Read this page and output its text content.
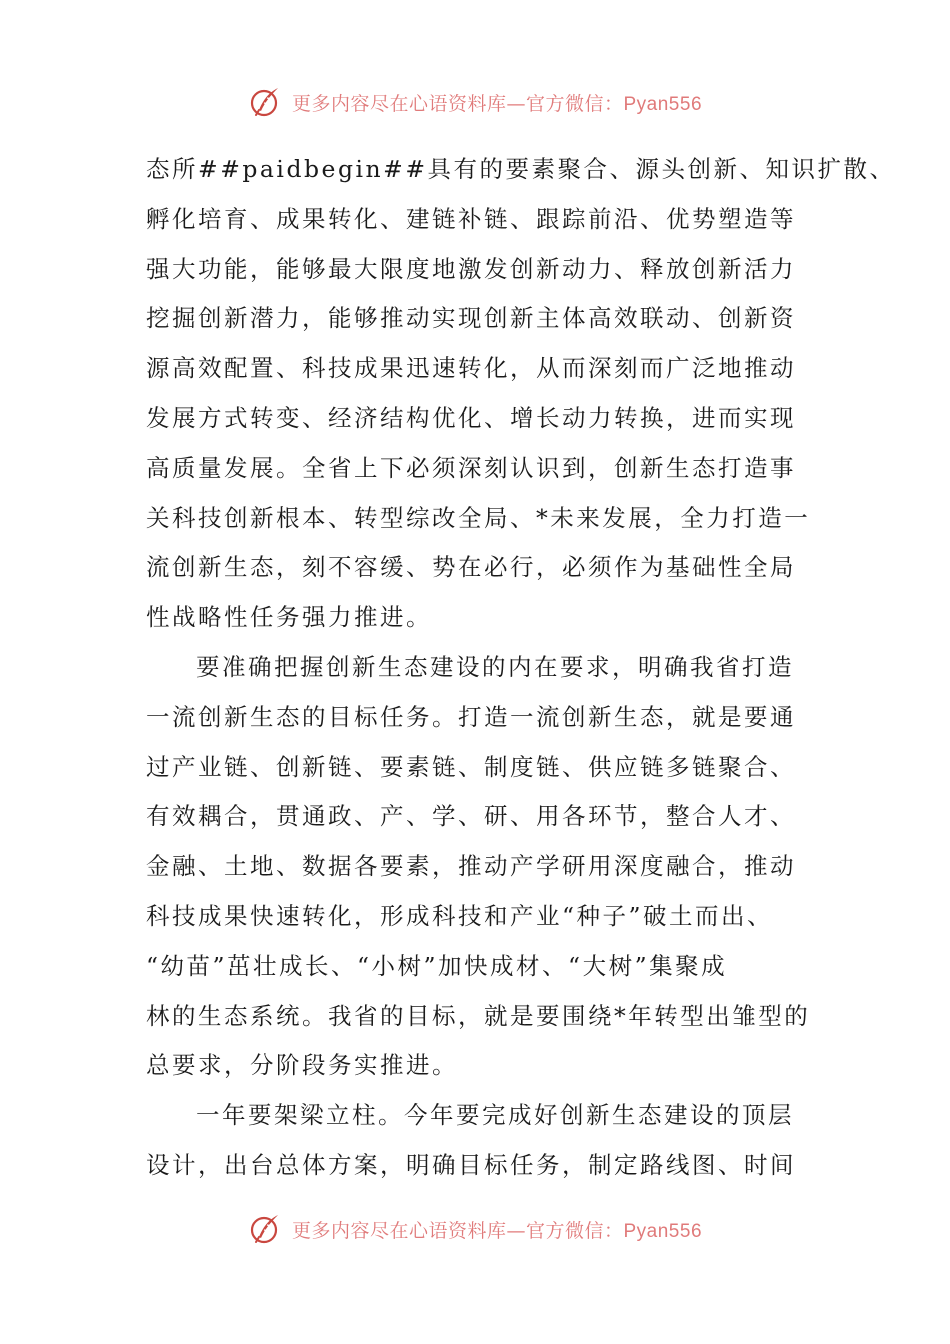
更多内容尽在心语资料库—官方微信：Pyan556
态所##paidbegin##具有的要素聚合、源头创新、知识扩散、
孵化培育、成果转化、建链补链、跟踪前沿、优势塑造等
强大功能，能够最大限度地激发创新动力、释放创新活力
挖掘创新潜力，能够推动实现创新主体高效联动、创新资
源高效配置、科技成果迅速转化，从而深刻而广泛地推动
发展方式转变、经济结构优化、增长动力转换，进而实现
高质量发展。全省上下必须深刻认识到，创新生态打造事
关科技创新根本、转型综改全局、*未来发展，全力打造一
流创新生态，刻不容缓、势在必行，必须作为基础性全局
性战略性任务强力推进。
要准确把握创新生态建设的内在要求，明确我省打造
一流创新生态的目标任务。打造一流创新生态，就是要通
过产业链、创新链、要素链、制度链、供应链多链聚合、
有效耦合，贯通政、产、学、研、用各环节，整合人才、
金融、土地、数据各要素，推动产学研用深度融合，推动
科技成果快速转化，形成科技和产业“种子”破土而出、
“幼苗”茁壮成长、“小树”加快成材、“大树”集聚成
林的生态系统。我省的目标，就是要围绕*年转型出雏型的
总要求，分阶段务实推进。
一年要架梁立柱。今年要完成好创新生态建设的顶层
设计，出台总体方案，明确目标任务，制定路线图、时间
更多内容尽在心语资料库—官方微信：Pyan556
